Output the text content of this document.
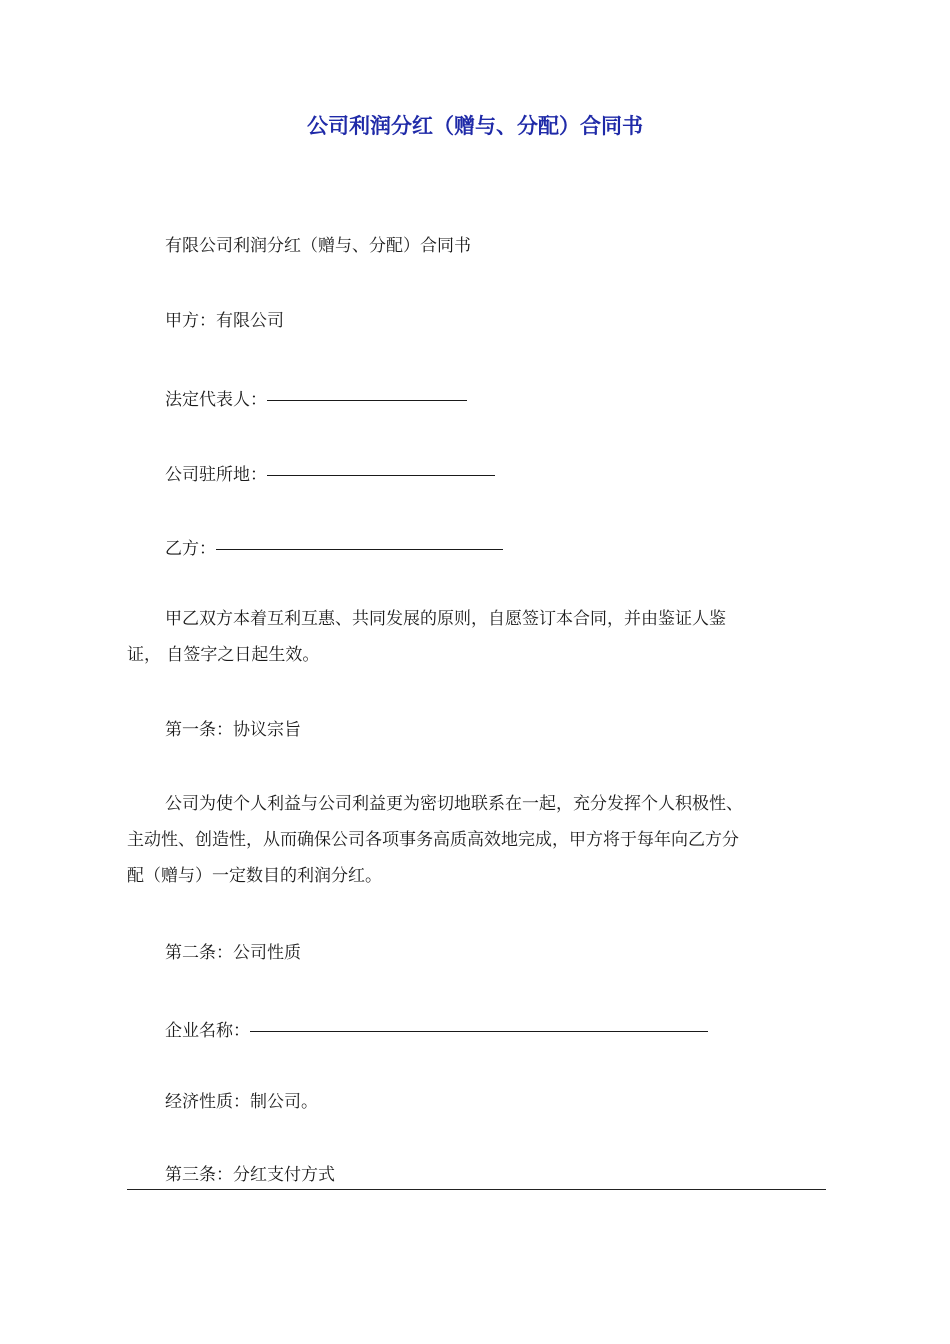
公司利润分红（赠与、分配）合同书

有限公司利润分红（赠与、分配）合同书

甲方：有限公司

法定代表人：

公司驻所地：

乙方：

甲乙双方本着互利互惠、共同发展的原则，自愿签订本合同，并由鉴证人鉴
证， 自签字之日起生效。

第一条：协议宗旨

公司为使个人利益与公司利益更为密切地联系在一起，充分发挥个人积极性、
主动性、创造性，从而确保公司各项事务高质高效地完成，甲方将于每年向乙方分
配（赠与）一定数目的利润分红。

第二条：公司性质

企业名称：

经济性质：制公司。

第三条：分红支付方式
